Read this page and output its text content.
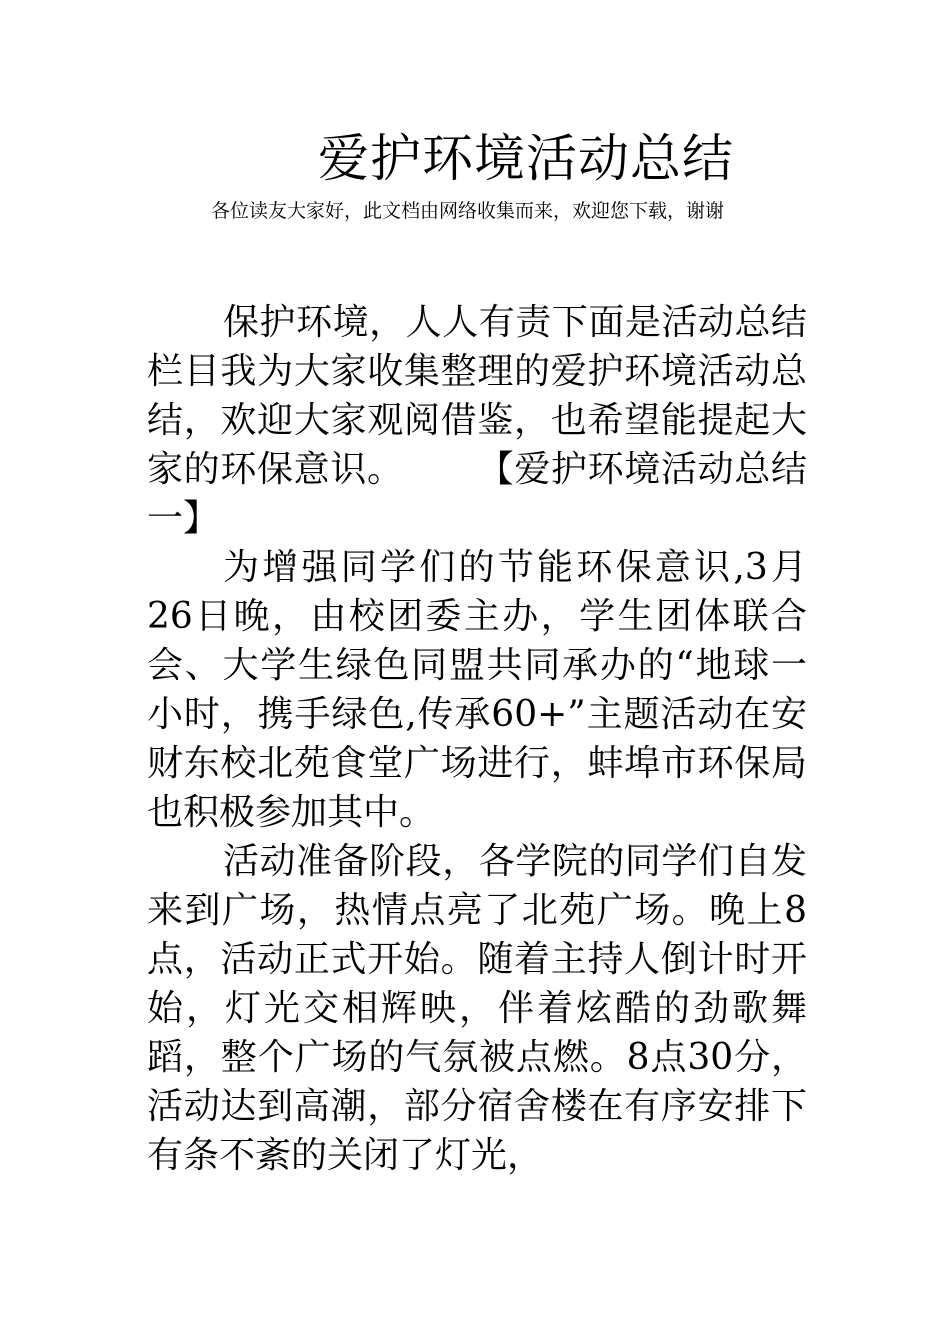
爱护环境活动总结

各位读友大家好，此文档由网络收集而来，欢迎您下载，谢谢

保护环境，人人有责下面是活动总结栏目我为大家收集整理的爱护环境活动总结，欢迎大家观阅借鉴，也希望能提起大家的环保意识。　　　【爱护环境活动总结一】

为增强同学们的节能环保意识,3月26日晚，由校团委主办，学生团体联合会、大学生绿色同盟共同承办的“地球一小时，携手绿色,传承60+”主题活动在安财东校北苑食堂广场进行，蚌埠市环保局也积极参加其中。

活动准备阶段，各学院的同学们自发来到广场，热情点亮了北苑广场。晚上8点，活动正式开始。随着主持人倒计时开始，灯光交相辉映，伴着炫酷的劲歌舞蹈，整个广场的气氛被点燃。8点30分，活动达到高潮，部分宿舍楼在有序安排下有条不紊的关闭了灯光，
